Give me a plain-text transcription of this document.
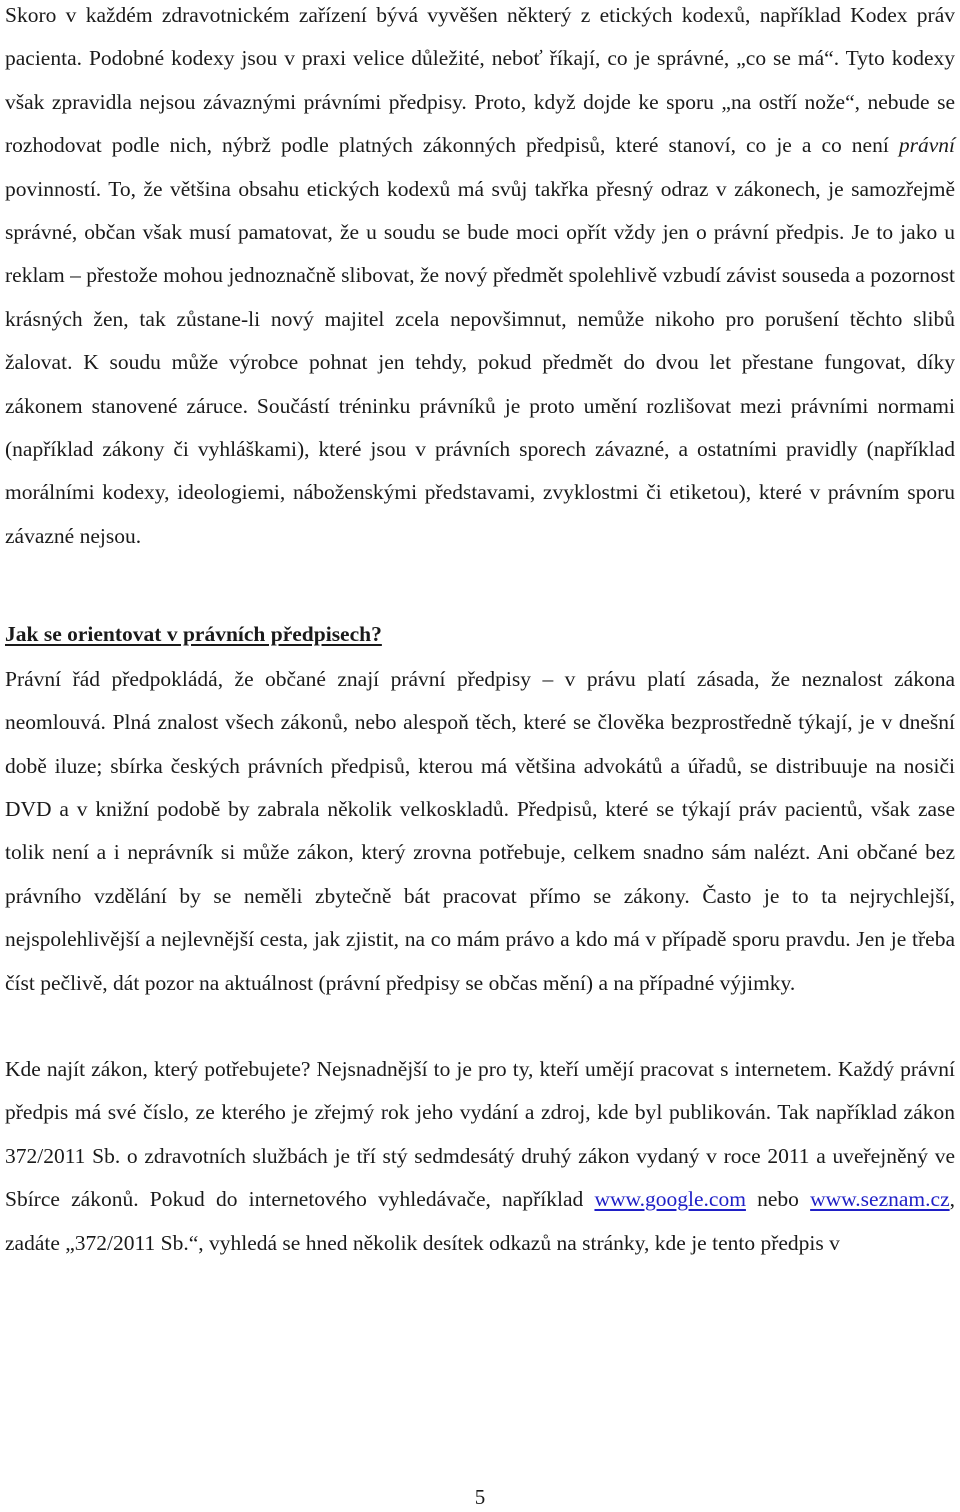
Skoro v každém zdravotnickém zařízení bývá vyvěšen některý z etických kodexů, například Kodex práv pacienta. Podobné kodexy jsou v praxi velice důležité, neboť říkají, co je správné, „co se má“. Tyto kodexy však zpravidla nejsou závaznými právními předpisy. Proto, když dojde ke sporu „na ostří nože“, nebude se rozhodovat podle nich, nýbrž podle platných zákonných předpisů, které stanoví, co je a co není právní povinností. To, že většina obsahu etických kodexů má svůj takřka přesný odraz v zákonech, je samozřejmě správné, občan však musí pamatovat, že u soudu se bude moci opřít vždy jen o právní předpis. Je to jako u reklam – přestože mohou jednoznačně slibovat, že nový předmět spolehlivě vzbudí závist souseda a pozornost krásných žen, tak zůstane-li nový majitel zcela nepovšimnut, nemůže nikoho pro porušení těchto slibů žalovat. K soudu může výrobce pohnat jen tehdy, pokud předmět do dvou let přestane fungovat, díky zákonem stanovené záruce. Součástí tréninku právníků je proto umění rozlišovat mezi právními normami (například zákony či vyhláškami), které jsou v právních sporech závazné, a ostatními pravidly (například morálními kodexy, ideologiemi, náboženskými představami, zvyklostmi či etiketou), které v právním sporu závazné nejsou.

Jak se orientovat v právních předpisech?

Právní řád předpokládá, že občané znají právní předpisy – v právu platí zásada, že neznalost zákona neomlouvá. Plná znalost všech zákonů, nebo alespoň těch, které se člověka bezprostředně týkají, je v dnešní době iluze; sbírka českých právních předpisů, kterou má většina advokátů a úřadů, se distribuuje na nosiči DVD a v knižní podobě by zabrala několik velkoskladů. Předpisů, které se týkají práv pacientů, však zase tolik není a i neprávník si může zákon, který zrovna potřebuje, celkem snadno sám nalézt. Ani občané bez právního vzdělání by se neměli zbytečně bát pracovat přímo se zákony. Často je to ta nejrychlejší, nejspolehlivější a nejlevnější cesta, jak zjistit, na co mám právo a kdo má v případě sporu pravdu. Jen je třeba číst pečlivě, dát pozor na aktuálnost (právní předpisy se občas mění) a na případné výjimky.

Kde najít zákon, který potřebujete? Nejsnadnější to je pro ty, kteří umějí pracovat s internetem. Každý právní předpis má své číslo, ze kterého je zřejmý rok jeho vydání a zdroj, kde byl publikován. Tak například zákon 372/2011 Sb. o zdravotních službách je tří stý sedmdesátý druhý zákon vydaný v roce 2011 a uveřejněný ve Sbírce zákonů. Pokud do internetového vyhledávače, například www.google.com nebo www.seznam.cz, zadáte „372/2011 Sb.“, vyhledá se hned několik desítek odkazů na stránky, kde je tento předpis v

5
